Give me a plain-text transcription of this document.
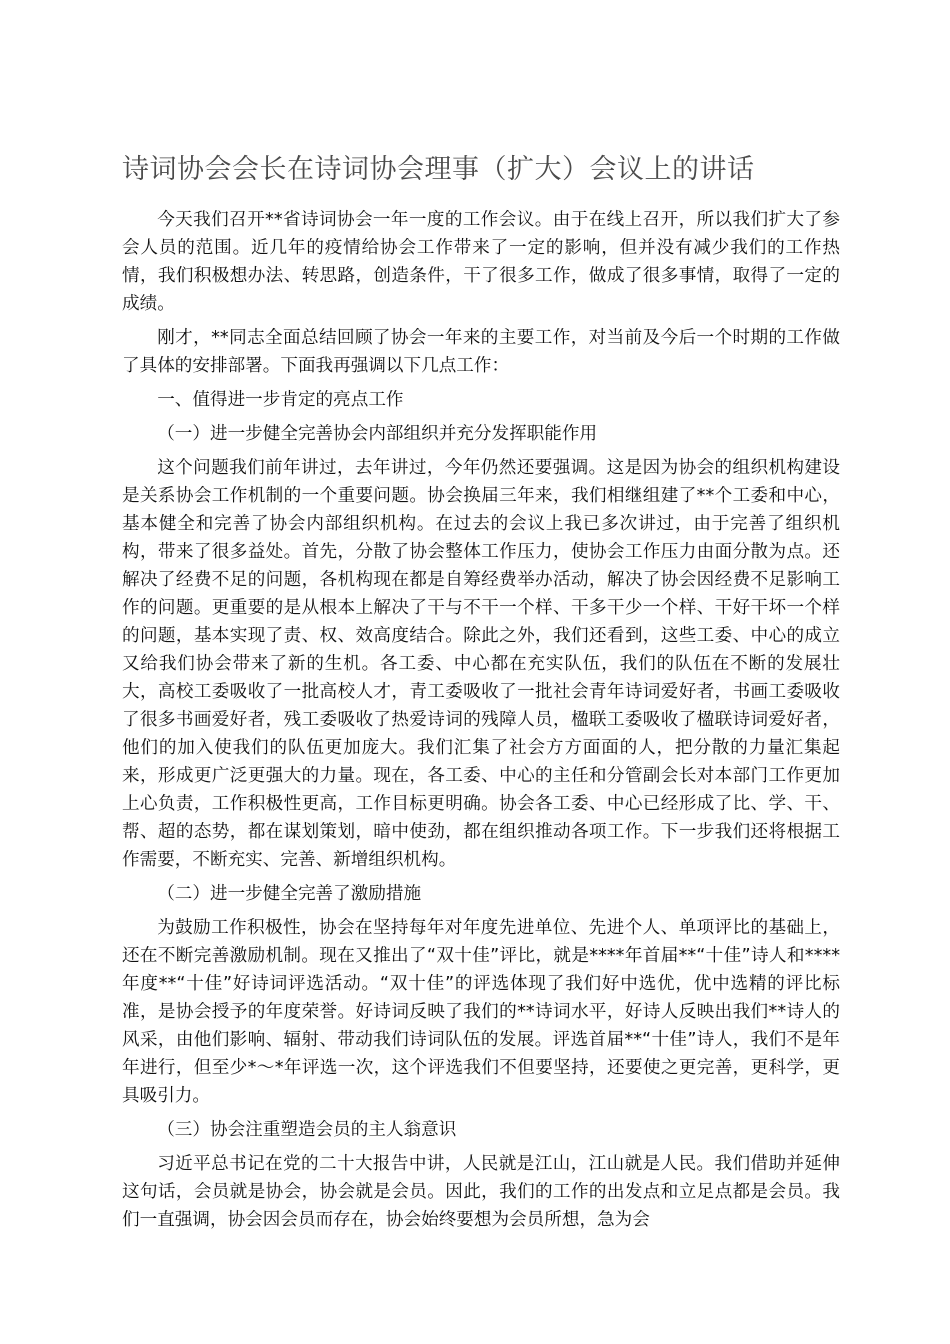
诗词协会会长在诗词协会理事（扩大）会议上的讲话

今天我们召开**省诗词协会一年一度的工作会议。由于在线上召开，所以我们扩大了参会人员的范围。近几年的疫情给协会工作带来了一定的影响，但并没有减少我们的工作热情，我们积极想办法、转思路，创造条件，干了很多工作，做成了很多事情，取得了一定的成绩。

刚才，**同志全面总结回顾了协会一年来的主要工作，对当前及今后一个时期的工作做了具体的安排部署。下面我再强调以下几点工作：

一、值得进一步肯定的亮点工作

（一）进一步健全完善协会内部组织并充分发挥职能作用

这个问题我们前年讲过，去年讲过，今年仍然还要强调。这是因为协会的组织机构建设是关系协会工作机制的一个重要问题。协会换届三年来，我们相继组建了**个工委和中心，基本健全和完善了协会内部组织机构。在过去的会议上我已多次讲过，由于完善了组织机构，带来了很多益处。首先，分散了协会整体工作压力，使协会工作压力由面分散为点。还解决了经费不足的问题，各机构现在都是自筹经费举办活动，解决了协会因经费不足影响工作的问题。更重要的是从根本上解决了干与不干一个样、干多干少一个样、干好干坏一个样的问题，基本实现了责、权、效高度结合。除此之外，我们还看到，这些工委、中心的成立又给我们协会带来了新的生机。各工委、中心都在充实队伍，我们的队伍在不断的发展壮大，高校工委吸收了一批高校人才，青工委吸收了一批社会青年诗词爱好者，书画工委吸收了很多书画爱好者，残工委吸收了热爱诗词的残障人员，楹联工委吸收了楹联诗词爱好者，他们的加入使我们的队伍更加庞大。我们汇集了社会方方面面的人，把分散的力量汇集起来，形成更广泛更强大的力量。现在，各工委、中心的主任和分管副会长对本部门工作更加上心负责，工作积极性更高，工作目标更明确。协会各工委、中心已经形成了比、学、干、帮、超的态势，都在谋划策划，暗中使劲，都在组织推动各项工作。下一步我们还将根据工作需要，不断充实、完善、新增组织机构。

（二）进一步健全完善了激励措施

为鼓励工作积极性，协会在坚持每年对年度先进单位、先进个人、单项评比的基础上，还在不断完善激励机制。现在又推出了“双十佳”评比，就是****年首届**“十佳”诗人和****年度**“十佳”好诗词评选活动。“双十佳”的评选体现了我们好中选优，优中选精的评比标准，是协会授予的年度荣誉。好诗词反映了我们的**诗词水平，好诗人反映出我们**诗人的风采，由他们影响、辐射、带动我们诗词队伍的发展。评选首届**“十佳”诗人，我们不是年年进行，但至少*～*年评选一次，这个评选我们不但要坚持，还要使之更完善，更科学，更具吸引力。

（三）协会注重塑造会员的主人翁意识

习近平总书记在党的二十大报告中讲，人民就是江山，江山就是人民。我们借助并延伸这句话，会员就是协会，协会就是会员。因此，我们的工作的出发点和立足点都是会员。我们一直强调，协会因会员而存在，协会始终要想为会员所想，急为会
